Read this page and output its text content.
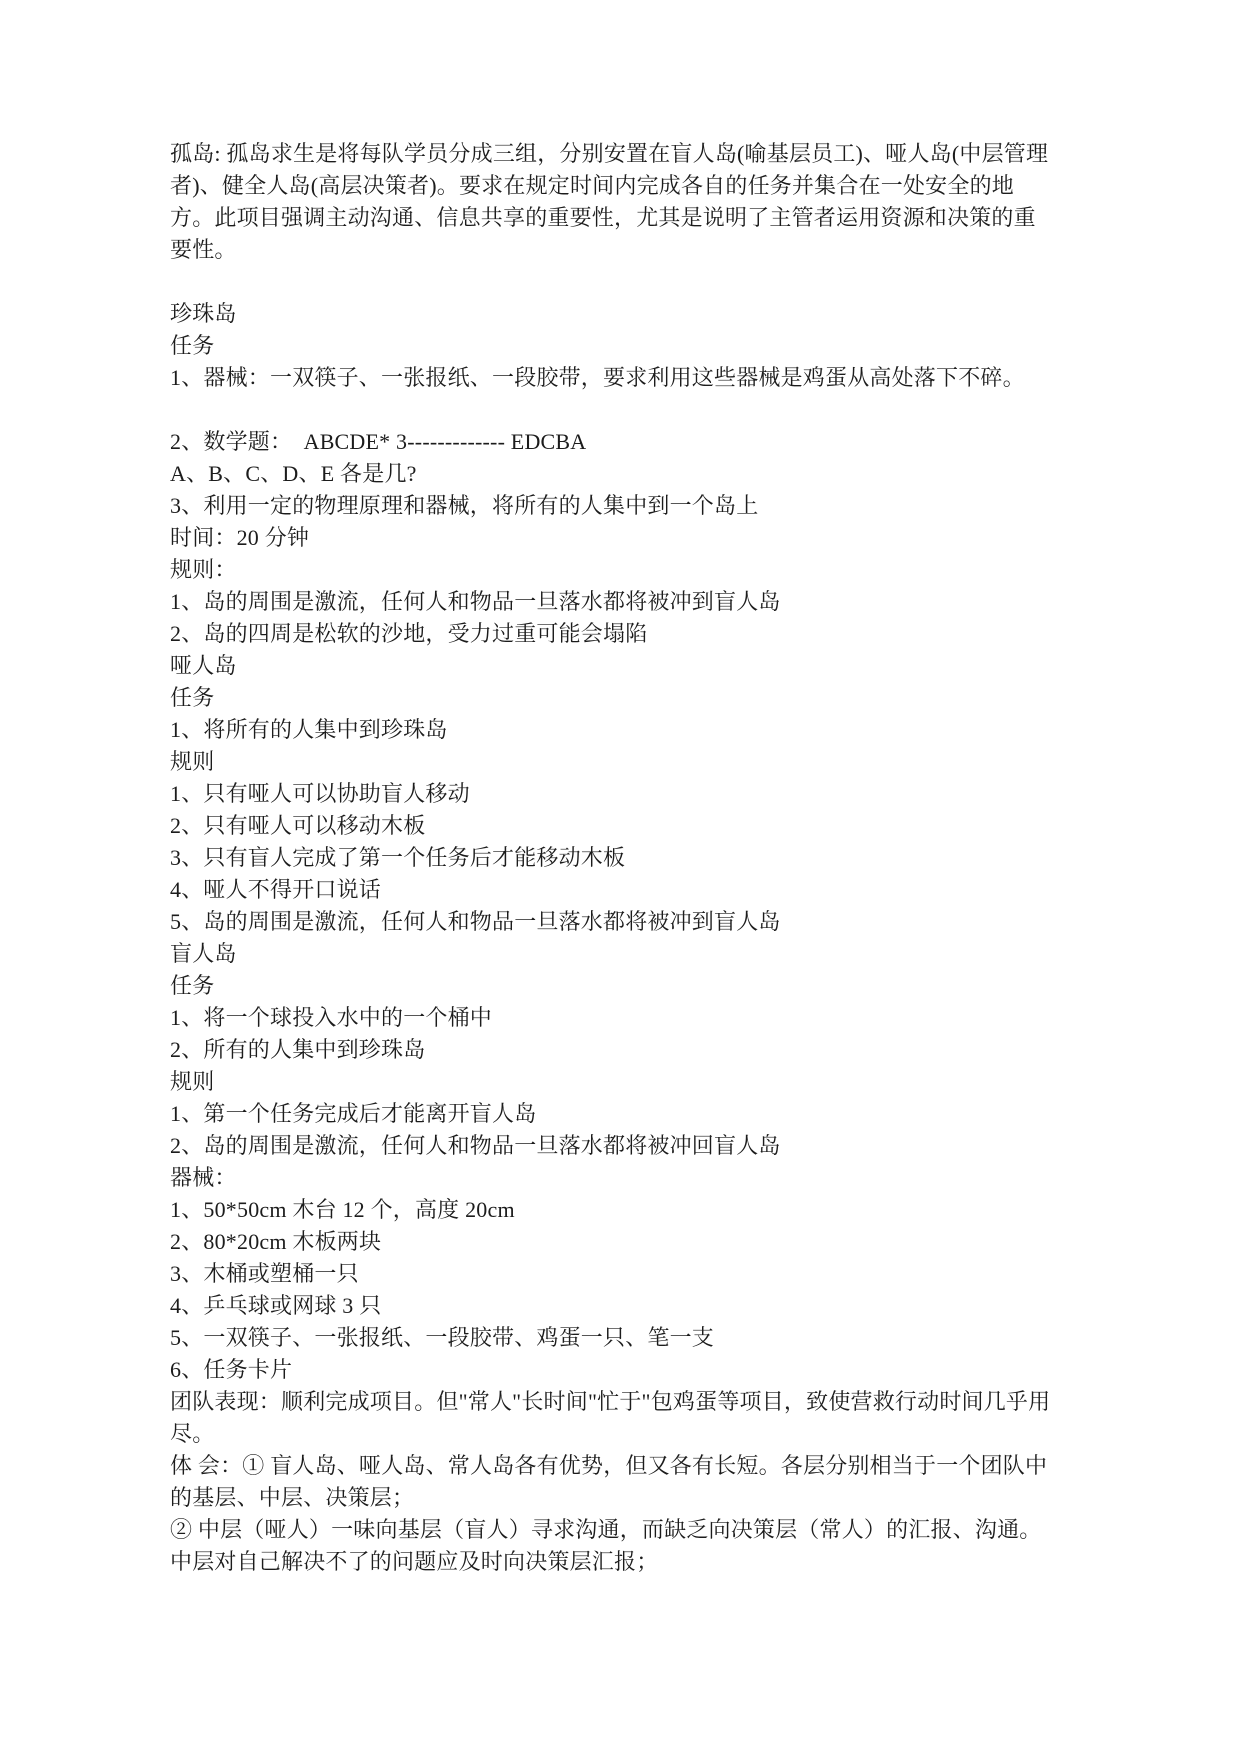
孤岛: 孤岛求生是将每队学员分成三组，分别安置在盲人岛(喻基层员工)、哑人岛(中层管理者)、健全人岛(高层决策者)。要求在规定时间内完成各自的任务并集合在一处安全的地方。此项目强调主动沟通、信息共享的重要性，尤其是说明了主管者运用资源和决策的重要性。

珍珠岛

任务

1、器械：一双筷子、一张报纸、一段胶带，要求利用这些器械是鸡蛋从高处落下不碎。

2、数学题：  ABCDE* 3------------- EDCBA

A、B、C、D、E 各是几?

3、利用一定的物理原理和器械，将所有的人集中到一个岛上

时间：20 分钟

规则：

1、岛的周围是激流，任何人和物品一旦落水都将被冲到盲人岛

2、岛的四周是松软的沙地，受力过重可能会塌陷

哑人岛

任务

1、将所有的人集中到珍珠岛

规则

1、只有哑人可以协助盲人移动

2、只有哑人可以移动木板

3、只有盲人完成了第一个任务后才能移动木板

4、哑人不得开口说话

5、岛的周围是激流，任何人和物品一旦落水都将被冲到盲人岛

盲人岛

任务

1、将一个球投入水中的一个桶中

2、所有的人集中到珍珠岛

规则

1、第一个任务完成后才能离开盲人岛

2、岛的周围是激流，任何人和物品一旦落水都将被冲回盲人岛

器械：

1、50*50cm 木台 12 个，高度 20cm

2、80*20cm 木板两块

3、木桶或塑桶一只

4、乒乓球或网球 3 只

5、一双筷子、一张报纸、一段胶带、鸡蛋一只、笔一支

6、任务卡片

团队表现：顺利完成项目。但"常人"长时间"忙于"包鸡蛋等项目，致使营救行动时间几乎用尽。

体 会：① 盲人岛、哑人岛、常人岛各有优势，但又各有长短。各层分别相当于一个团队中的基层、中层、决策层；

② 中层（哑人）一味向基层（盲人）寻求沟通，而缺乏向决策层（常人）的汇报、沟通。中层对自己解决不了的问题应及时向决策层汇报；
